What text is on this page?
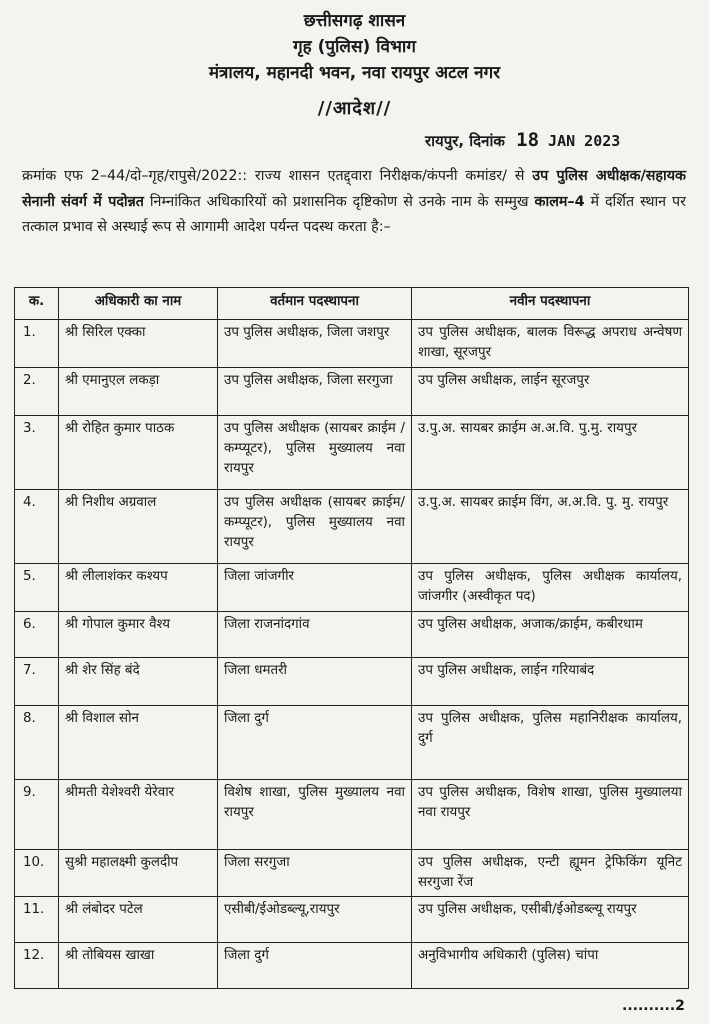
छत्तीसगढ़ शासन
गृह (पुलिस) विभाग
मंत्रालय, महानदी भवन, नवा रायपुर अटल नगर
//आदेश//
रायपुर, दिनांक 18 JAN 2023
क्रमांक एफ 2–44/दो–गृह/रापुसे/2022:: राज्य शासन एतद्द्वारा निरीक्षक/कंपनी कमांडर/ से उप पुलिस अधीक्षक/सहायक सेनानी संवर्ग में पदोन्नत निम्नांकित अधिकारियों को प्रशासनिक दृष्टिकोण से उनके नाम के सम्मुख कालम–4 में दर्शित स्थान पर तत्काल प्रभाव से अस्थाई रूप से आगामी आदेश पर्यन्त पदस्थ करता है:–
क.	अधिकारी का नाम	वर्तमान पदस्थापना	नवीन पदस्थापना
1.	श्री सिरिल एक्का	उप पुलिस अधीक्षक, जिला जशपुर	उप पुलिस अधीक्षक, बालक विरूद्ध अपराध अन्वेषण शाखा, सूरजपुर
2.	श्री एमानुएल लकड़ा	उप पुलिस अधीक्षक, जिला सरगुजा	उप पुलिस अधीक्षक, लाईन सूरजपुर
3.	श्री रोहित कुमार पाठक	उप पुलिस अधीक्षक (सायबर क्राईम /कम्प्यूटर), पुलिस मुख्यालय नवा रायपुर	उ.पु.अ. सायबर क्राईम अ.अ.वि. पु.मु. रायपुर
4.	श्री निशीथ अग्रवाल	उप पुलिस अधीक्षक (सायबर क्राईम/कम्प्यूटर), पुलिस मुख्यालय नवा रायपुर	उ.पु.अ. सायबर क्राईम विंग, अ.अ.वि. पु. मु. रायपुर
5.	श्री लीलाशंकर कश्यप	जिला जांजगीर	उप पुलिस अधीक्षक, पुलिस अधीक्षक कार्यालय, जांजगीर (अस्वीकृत पद)
6.	श्री गोपाल कुमार वैश्य	जिला राजनांदगांव	उप पुलिस अधीक्षक, अजाक/क्राईम, कबीरधाम
7.	श्री शेर सिंह बंदे	जिला धमतरी	उप पुलिस अधीक्षक, लाईन गरियाबंद
8.	श्री विशाल सोन	जिला दुर्ग	उप पुलिस अधीक्षक, पुलिस महानिरीक्षक कार्यालय, दुर्ग
9.	श्रीमती येशेश्वरी येरेवार	विशेष शाखा, पुलिस मुख्यालय नवा रायपुर	उप पुलिस अधीक्षक, विशेष शाखा, पुलिस मुख्यालया नवा रायपुर
10.	सुश्री महालक्ष्मी कुलदीप	जिला सरगुजा	उप पुलिस अधीक्षक, एन्टी ह्यूमन ट्रेफिकिंग यूनिट सरगुजा रेंज
11.	श्री लंबोदर पटेल	एसीबी/ईओडब्ल्यू,रायपुर	उप पुलिस अधीक्षक, एसीबी/ईओडब्ल्यू रायपुर
12.	श्री तोबियस खाखा	जिला दुर्ग	अनुविभागीय अधिकारी (पुलिस) चांपा
..........2
